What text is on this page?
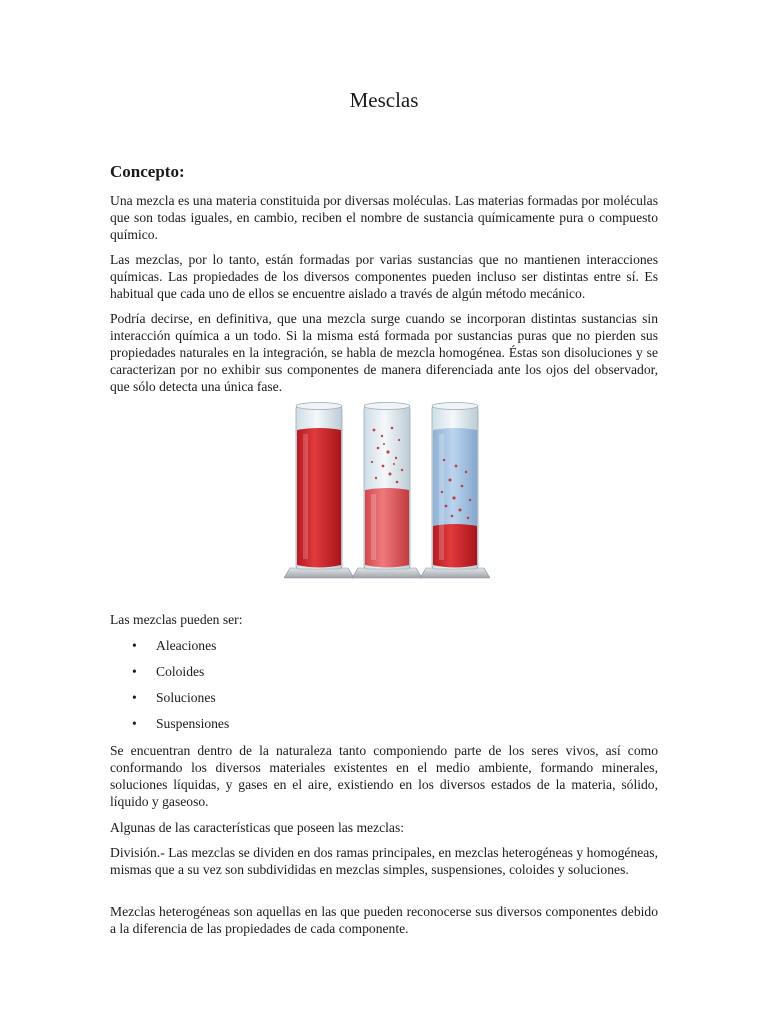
Mesclas
Concepto:

Una mezcla es una materia constituida por diversas moléculas. Las materias formadas por moléculas que son todas iguales, en cambio, reciben el nombre de sustancia químicamente pura o compuesto químico.

Las mezclas, por lo tanto, están formadas por varias sustancias que no mantienen interacciones químicas. Las propiedades de los diversos componentes pueden incluso ser distintas entre sí. Es habitual que cada uno de ellos se encuentre aislado a través de algún método mecánico.

Podría decirse, en definitiva, que una mezcla surge cuando se incorporan distintas sustancias sin interacción química a un todo. Si la misma está formada por sustancias puras que no pierden sus propiedades naturales en la integración, se habla de mezcla homogénea. Éstas son disoluciones y se caracterizan por no exhibir sus componentes de manera diferenciada ante los ojos del observador, que sólo detecta una única fase.

Las mezclas pueden ser:

• Aleaciones
• Coloides
• Soluciones
• Suspensiones

Se encuentran dentro de la naturaleza tanto componiendo parte de los seres vivos, así como conformando los diversos materiales existentes en el medio ambiente, formando minerales, soluciones líquidas, y gases en el aire, existiendo en los diversos estados de la materia, sólido, líquido y gaseoso.

Algunas de las características que poseen las mezclas:

División.- Las mezclas se dividen en dos ramas principales, en mezclas heterogéneas y homogéneas, mismas que a su vez son subdivididas en mezclas simples, suspensiones, coloides y soluciones.

Mezclas heterogéneas son aquellas en las que pueden reconocerse sus diversos componentes debido a la diferencia de las propiedades de cada componente.
